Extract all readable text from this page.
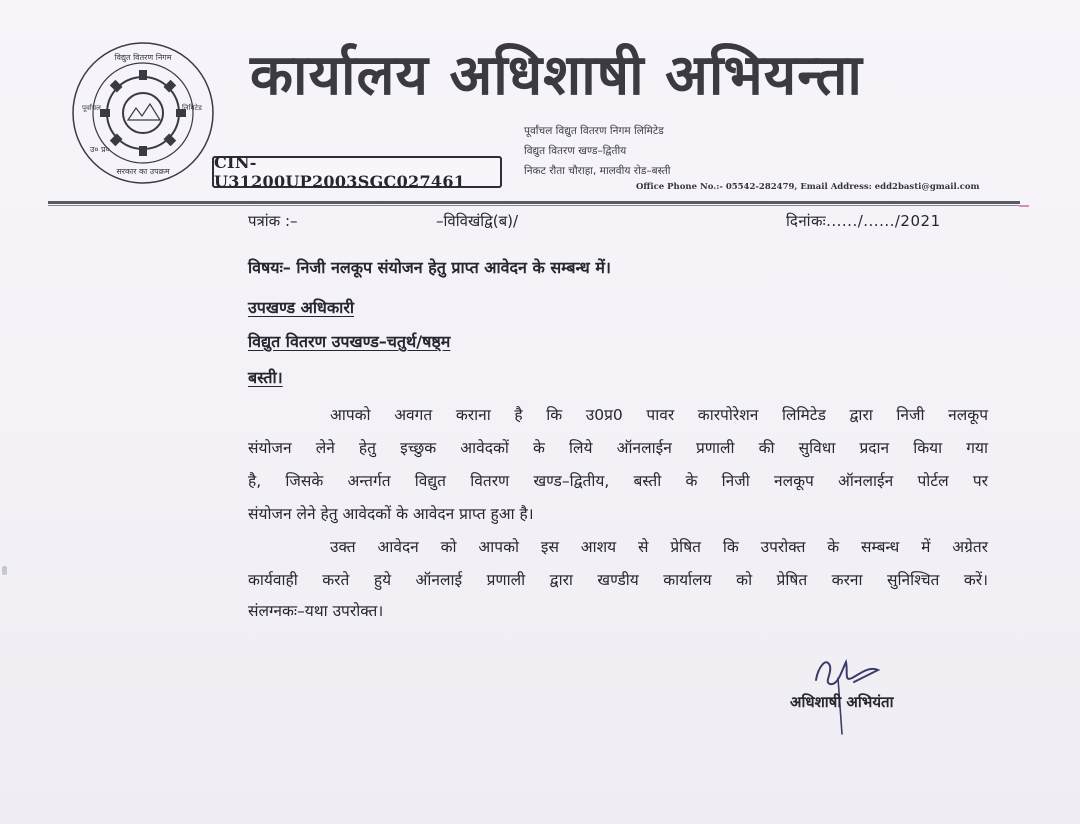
विद्युत वितरण निगम
सरकार का उपक्रम
उ० प्र०
पूर्वांचल	लिमिटेड
CIN-U31200UP2003SGC027461
कार्यालय अधिशाषी अभियन्ता
पूर्वांचल विद्युत वितरण निगम लिमिटेड
विद्युत वितरण खण्ड–द्वितीय
निकट रौता चौराहा, मालवीय रोड–बस्ती
Office Phone No.:- 05542-282479, Email Address: edd2basti@gmail.com
पत्रांक :–	–विविखंद्वि(ब)/	दिनांकः....../....../2021
विषयः– निजी नलकूप संयोजन हेतु प्राप्त आवेदन के सम्बन्ध में।
उपखण्ड अधिकारी
विद्युत वितरण उपखण्ड–चतुर्थ/षष्ठ्म
बस्ती।
आपको अवगत कराना है कि उ0प्र0 पावर कारपोरेशन लिमिटेड द्वारा निजी नलकूप
संयोजन लेने हेतु इच्छुक आवेदकों के लिये ऑनलाईन प्रणाली की सुविधा प्रदान किया गया
है, जिसके अन्तर्गत विद्युत वितरण खण्ड–द्वितीय, बस्ती के निजी नलकूप ऑनलाईन पोर्टल पर
संयोजन लेने हेतु आवेदकों के आवेदन प्राप्त हुआ है।
उक्त आवेदन को आपको इस आशय से प्रेषित कि उपरोक्त के सम्बन्ध में अग्रेतर
कार्यवाही करते हुये ऑनलाई प्रणाली द्वारा खण्डीय कार्यालय को प्रेषित करना सुनिश्चित करें।
संलग्नकः–यथा उपरोक्त।
अधिशाषी अभियंता
